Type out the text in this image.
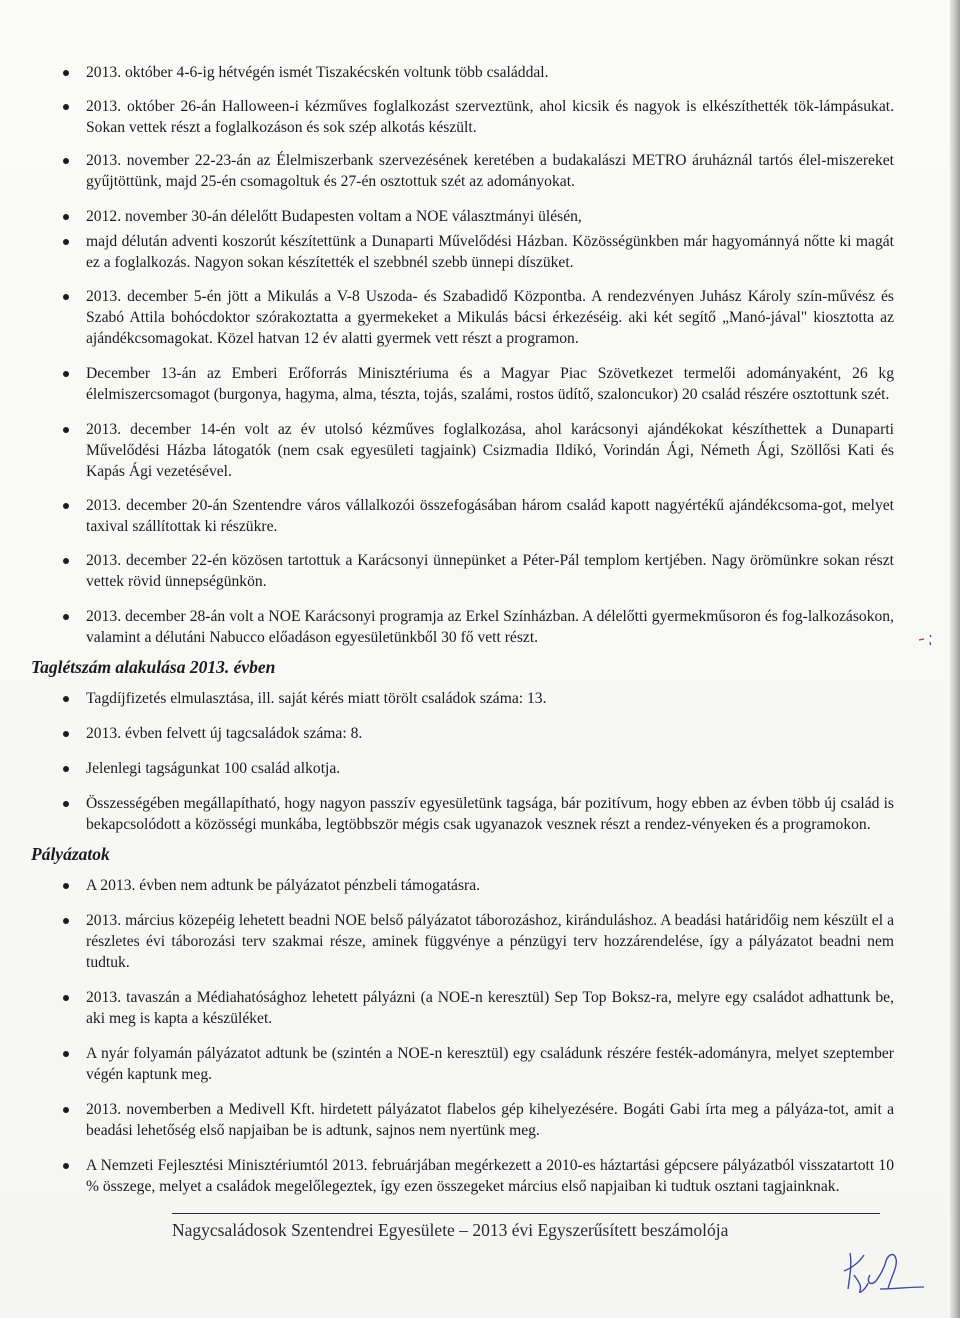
2013. október 4-6-ig hétvégén ismét Tiszakécskén voltunk több családdal.
2013. október 26-án Halloween-i kézműves foglalkozást szerveztünk, ahol kicsik és nagyok is elkészíthették tök-lámpásukat. Sokan vettek részt a foglalkozáson és sok szép alkotás készült.
2013. november 22-23-án az Élelmiszerbank szervezésének keretében a budakalászi METRO áruháznál tartós élel-miszereket gyűjtöttünk, majd 25-én csomagoltuk és 27-én osztottuk szét az adományokat.
2012. november 30-án délelőtt Budapesten voltam a NOE választmányi ülésén,
majd délután adventi koszorút készítettünk a Dunaparti Művelődési Házban. Közösségünkben már hagyománnyá nőtte ki magát ez a foglalkozás. Nagyon sokan készítették el szebbnél szebb ünnepi díszüket.
2013. december 5-én jött a Mikulás a V-8 Uszoda- és Szabadidő Központba. A rendezvényen Juhász Károly szín-művész és Szabó Attila bohócdoktor szórakoztatta a gyermekeket a Mikulás bácsi érkezéséig. aki két segítő „Manó-jával" kiosztotta az ajándékcsomagokat. Közel hatvan 12 év alatti gyermek vett részt a programon.
December 13-án az Emberi Erőforrás Minisztériuma és a Magyar Piac Szövetkezet termelői adományaként, 26 kg élelmiszercsomagot (burgonya, hagyma, alma, tészta, tojás, szalámi, rostos üdítő, szaloncukor) 20 család részére osztottunk szét.
2013. december 14-én volt az év utolsó kézműves foglalkozása, ahol karácsonyi ajándékokat készíthettek a Dunaparti Művelődési Házba látogatók (nem csak egyesületi tagjaink) Csizmadia Ildikó, Vorindán Ági, Németh Ági, Szöllősi Kati és Kapás Ági vezetésével.
2013. december 20-án Szentendre város vállalkozói összefogásában három család kapott nagyértékű ajándékcsoma-got, melyet taxival szállítottak ki részükre.
2013. december 22-én közösen tartottuk a Karácsonyi ünnepünket a Péter-Pál templom kertjében. Nagy örömünkre sokan részt vettek rövid ünnepségünkön.
2013. december 28-án volt a NOE Karácsonyi programja az Erkel Színházban. A délelőtti gyermekműsoron és fog-lalkozásokon, valamint a délutáni Nabucco előadáson egyesületünkből 30 fő vett részt.
Taglétszám alakulása 2013. évben
Tagdíjfizetés elmulasztása, ill. saját kérés miatt törölt családok száma: 13.
2013. évben felvett új tagcsaládok száma: 8.
Jelenlegi tagságunkat 100 család alkotja.
Összességében megállapítható, hogy nagyon passzív egyesületünk tagsága, bár pozitívum, hogy ebben az évben több új család is bekapcsolódott a közösségi munkába, legtöbbször mégis csak ugyanazok vesznek részt a rendez-vényeken és a programokon.
Pályázatok
A 2013. évben nem adtunk be pályázatot pénzbeli támogatásra.
2013. március közepéig lehetett beadni NOE belső pályázatot táborozáshoz, kiránduláshoz. A beadási határidőig nem készült el a részletes évi táborozási terv szakmai része, aminek függvénye a pénzügyi terv hozzárendelése, így a pályázatot beadni nem tudtuk.
2013. tavaszán a Médiahatósághoz lehetett pályázni (a NOE-n keresztül) Sep Top Boksz-ra, melyre egy családot adhattunk be, aki meg is kapta a készüléket.
A nyár folyamán pályázatot adtunk be (szintén a NOE-n keresztül) egy családunk részére festék-adományra, melyet szeptember végén kaptunk meg.
2013. novemberben a Medivell Kft. hirdetett pályázatot flabelos gép kihelyezésére. Bogáti Gabi írta meg a pályáza-tot, amit a beadási lehetőség első napjaiban be is adtunk, sajnos nem nyertünk meg.
A Nemzeti Fejlesztési Minisztériumtól 2013. februárjában megérkezett a 2010-es háztartási gépcsere pályázatból visszatartott 10 % összege, melyet a családok megelőlegeztek, így ezen összegeket március első napjaiban ki tudtuk osztani tagjainknak.
Nagycsaládosok Szentendrei Egyesülete – 2013 évi Egyszerűsített beszámolója
